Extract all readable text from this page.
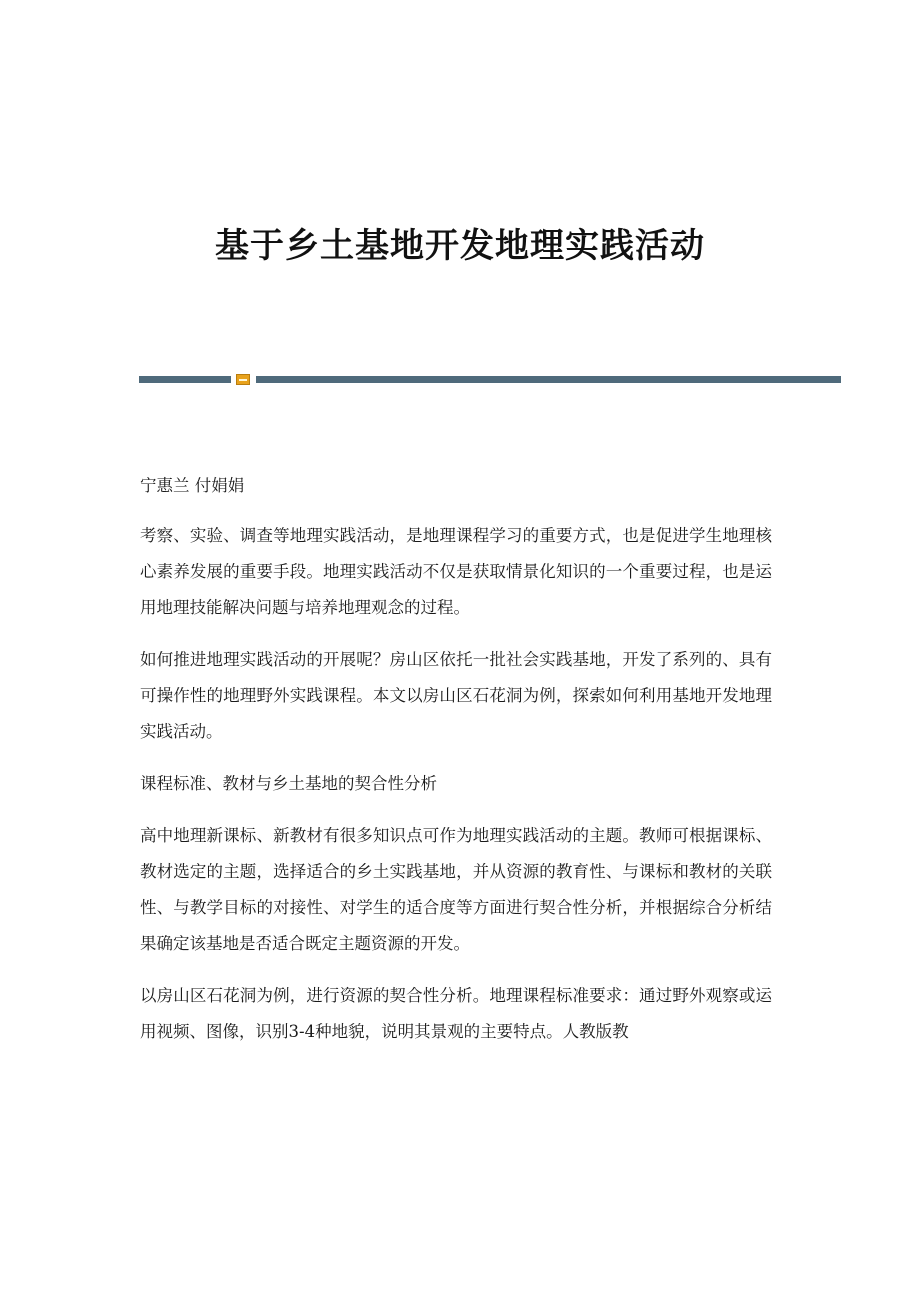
基于乡土基地开发地理实践活动

宁惠兰 付娟娟

考察、实验、调查等地理实践活动，是地理课程学习的重要方式，也是促进学生地理核心素养发展的重要手段。地理实践活动不仅是获取情景化知识的一个重要过程，也是运用地理技能解决问题与培养地理观念的过程。

如何推进地理实践活动的开展呢？房山区依托一批社会实践基地，开发了系列的、具有可操作性的地理野外实践课程。本文以房山区石花洞为例，探索如何利用基地开发地理实践活动。

课程标准、教材与乡土基地的契合性分析

高中地理新课标、新教材有很多知识点可作为地理实践活动的主题。教师可根据课标、教材选定的主题，选择适合的乡土实践基地，并从资源的教育性、与课标和教材的关联性、与教学目标的对接性、对学生的适合度等方面进行契合性分析，并根据综合分析结果确定该基地是否适合既定主题资源的开发。

以房山区石花洞为例，进行资源的契合性分析。地理课程标准要求：通过野外观察或运用视频、图像，识别3-4种地貌，说明其景观的主要特点。人教版教
